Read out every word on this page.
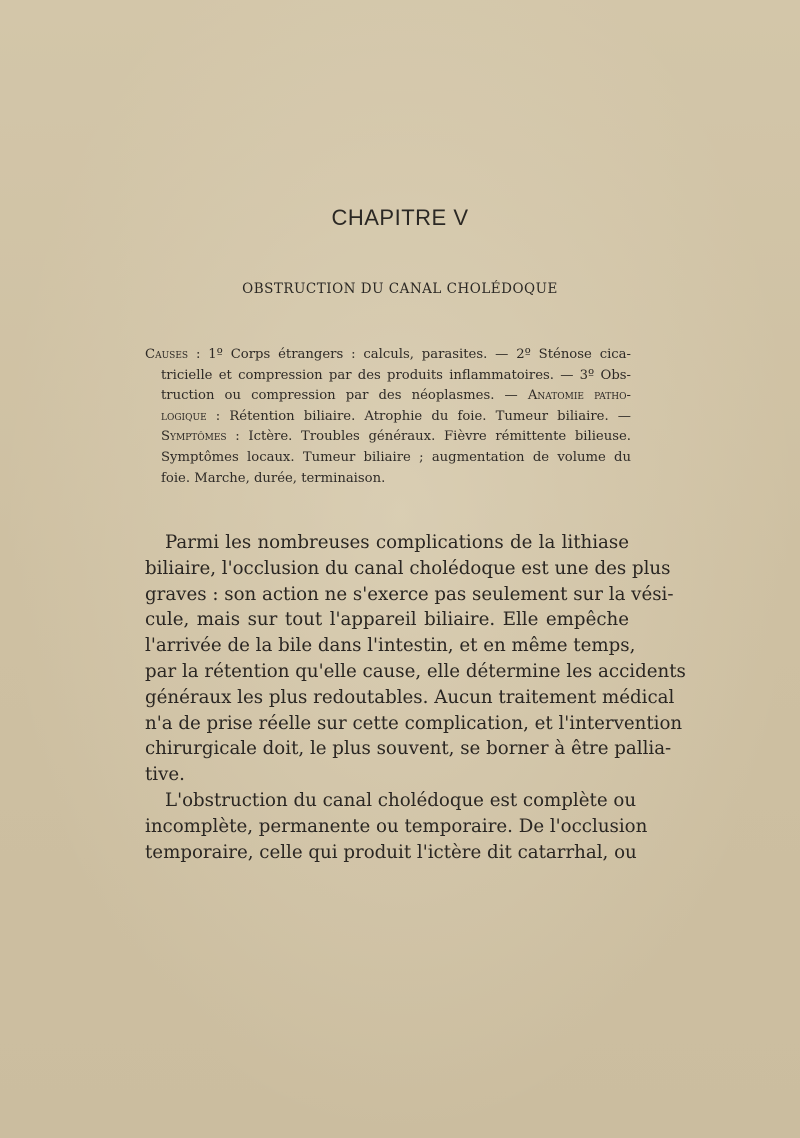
CHAPITRE V
OBSTRUCTION DU CANAL CHOLÉDOQUE
Causes : 1º Corps étrangers : calculs, parasites. — 2º Sténose cica-
tricielle et compression par des produits inflammatoires. — 3º Obs-
truction ou compression par des néoplasmes. — Anatomie patho-
logique : Rétention biliaire. Atrophie du foie. Tumeur biliaire. —
Symptômes : Ictère. Troubles généraux. Fièvre rémittente bilieuse.
Symptômes locaux. Tumeur biliaire ; augmentation de volume du
foie. Marche, durée, terminaison.
Parmi les nombreuses complications de la lithiase
biliaire, l'occlusion du canal cholédoque est une des plus
graves : son action ne s'exerce pas seulement sur la vési-
cule, mais sur tout l'appareil biliaire. Elle empêche
l'arrivée de la bile dans l'intestin, et en même temps,
par la rétention qu'elle cause, elle détermine les accidents
généraux les plus redoutables. Aucun traitement médical
n'a de prise réelle sur cette complication, et l'intervention
chirurgicale doit, le plus souvent, se borner à être pallia-
tive.
L'obstruction du canal cholédoque est complète ou
incomplète, permanente ou temporaire. De l'occlusion
temporaire, celle qui produit l'ictère dit catarrhal, ou
